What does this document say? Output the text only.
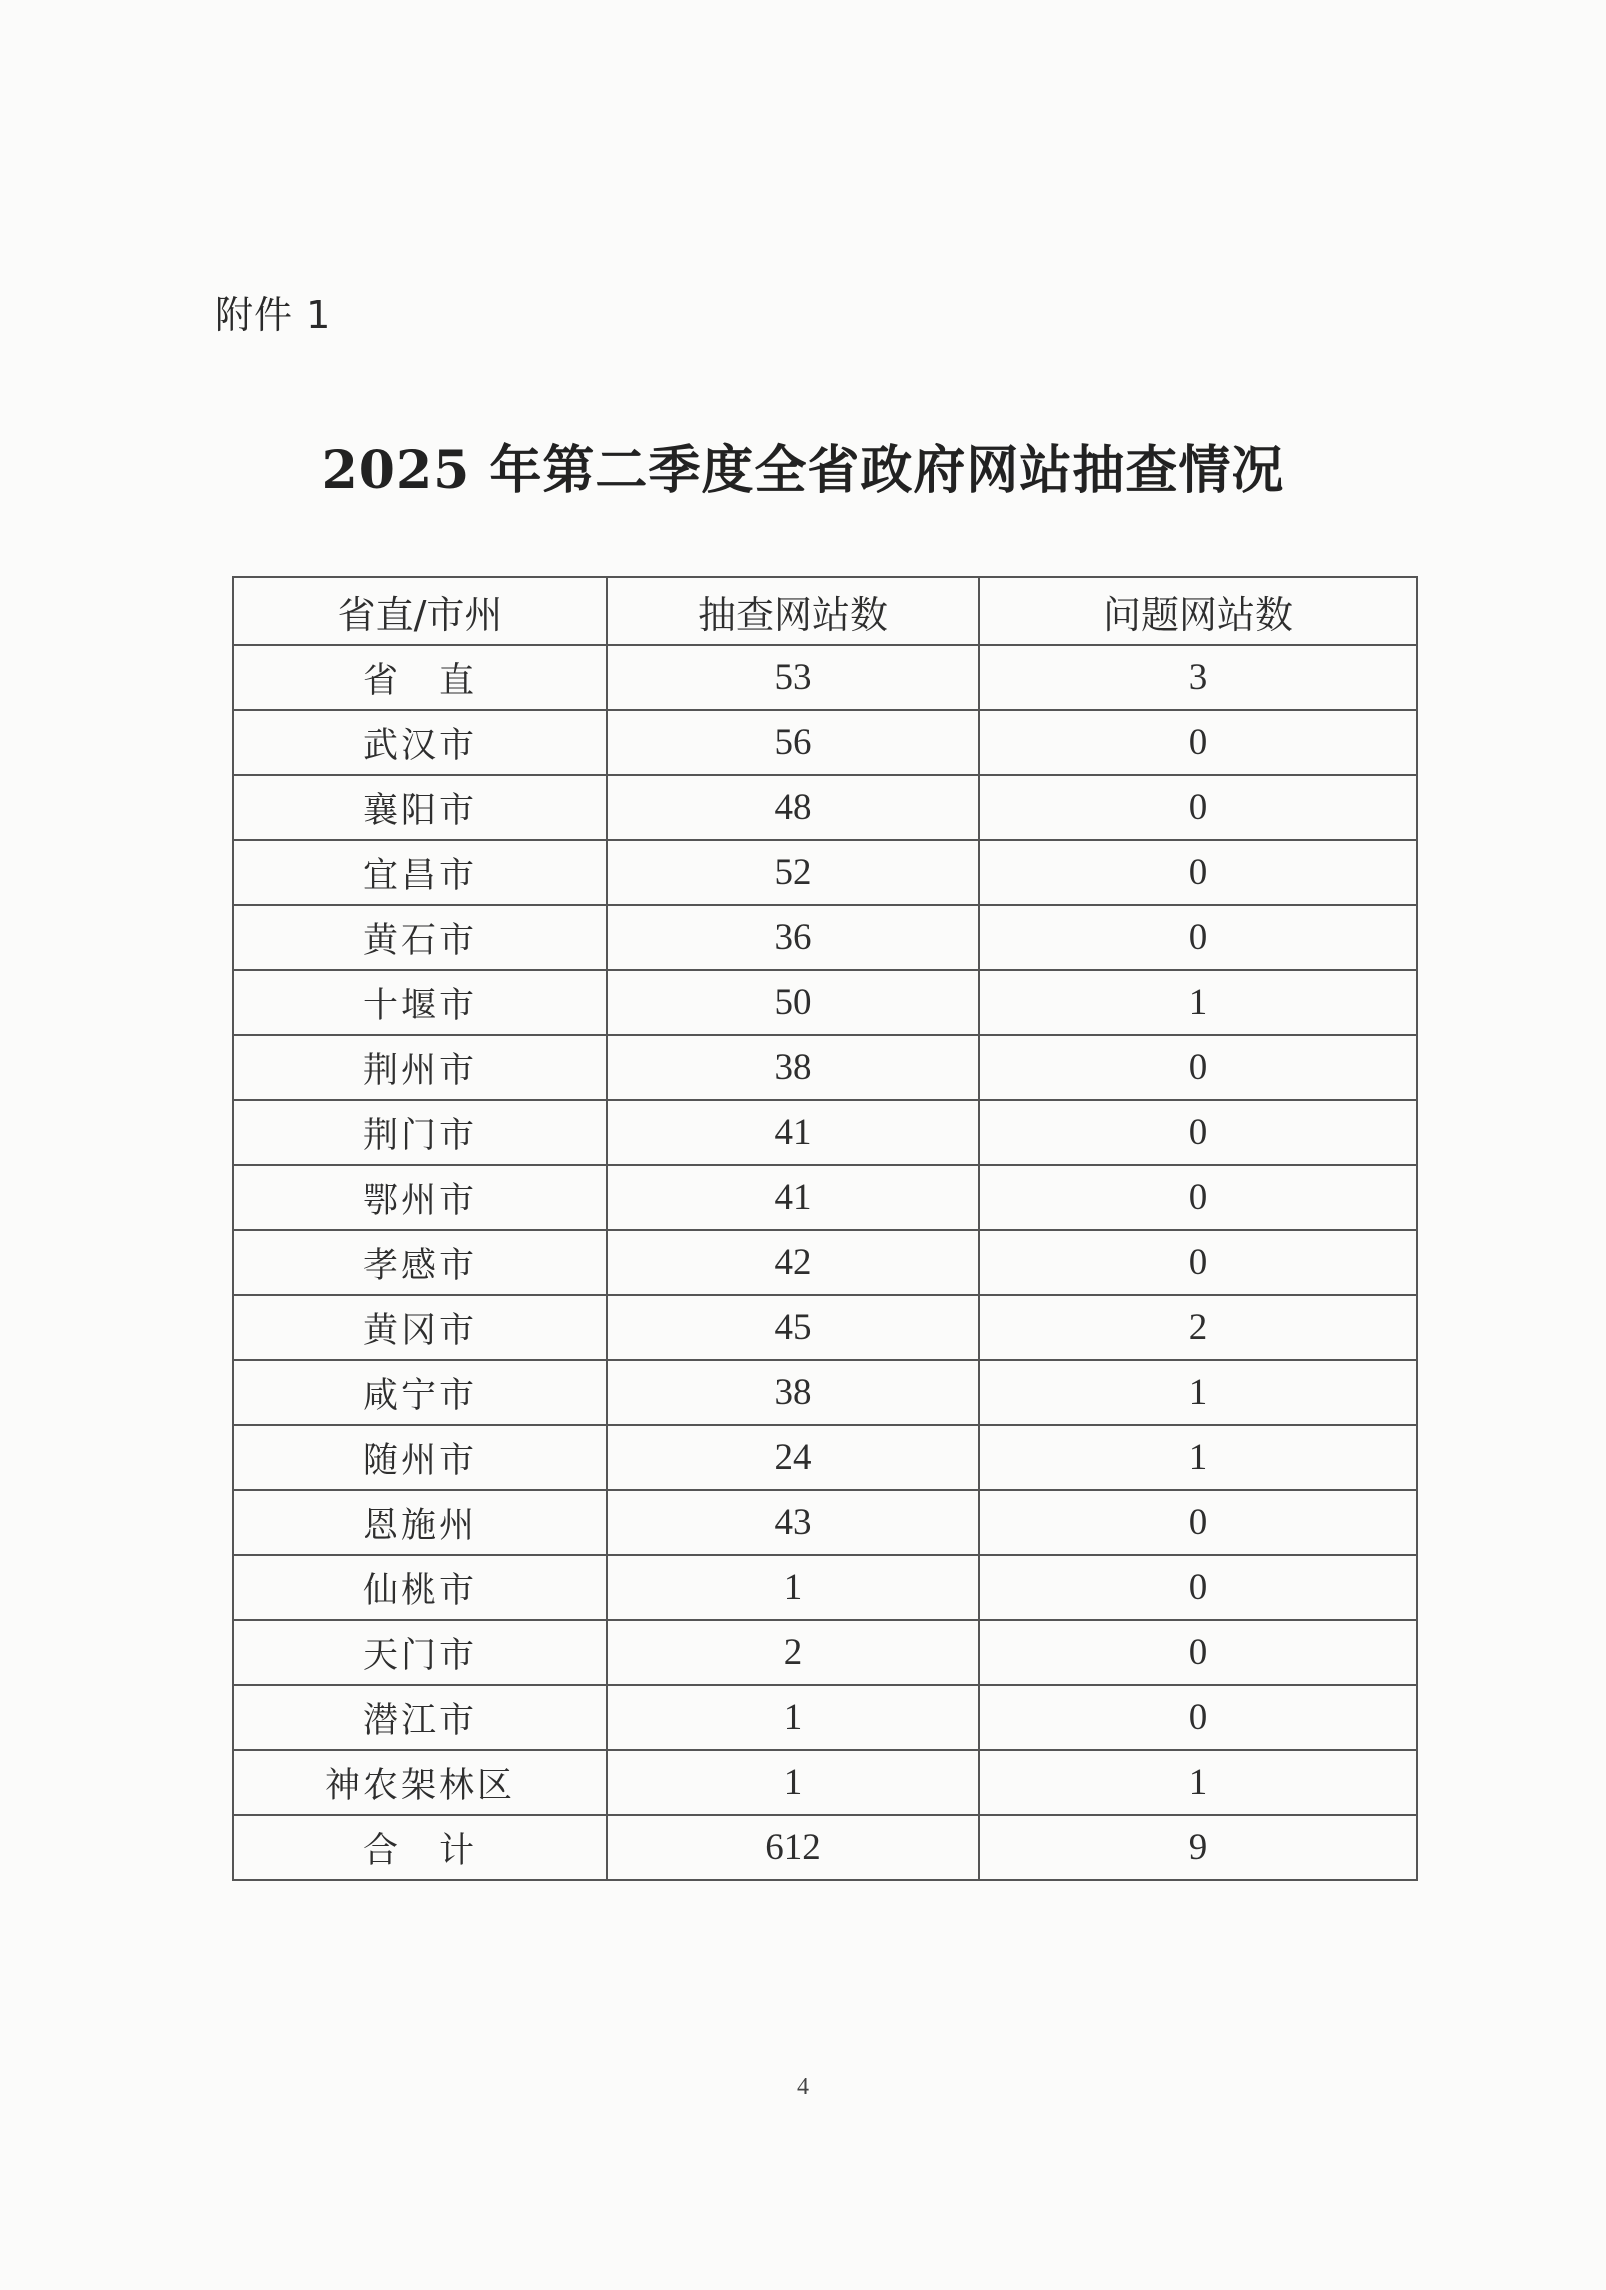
附件 1
2025 年第二季度全省政府网站抽查情况
省直/市州	抽查网站数	问题网站数
省　直	53	3
武汉市	56	0
襄阳市	48	0
宜昌市	52	0
黄石市	36	0
十堰市	50	1
荆州市	38	0
荆门市	41	0
鄂州市	41	0
孝感市	42	0
黄冈市	45	2
咸宁市	38	1
随州市	24	1
恩施州	43	0
仙桃市	1	0
天门市	2	0
潜江市	1	0
神农架林区	1	1
合　计	612	9
4
